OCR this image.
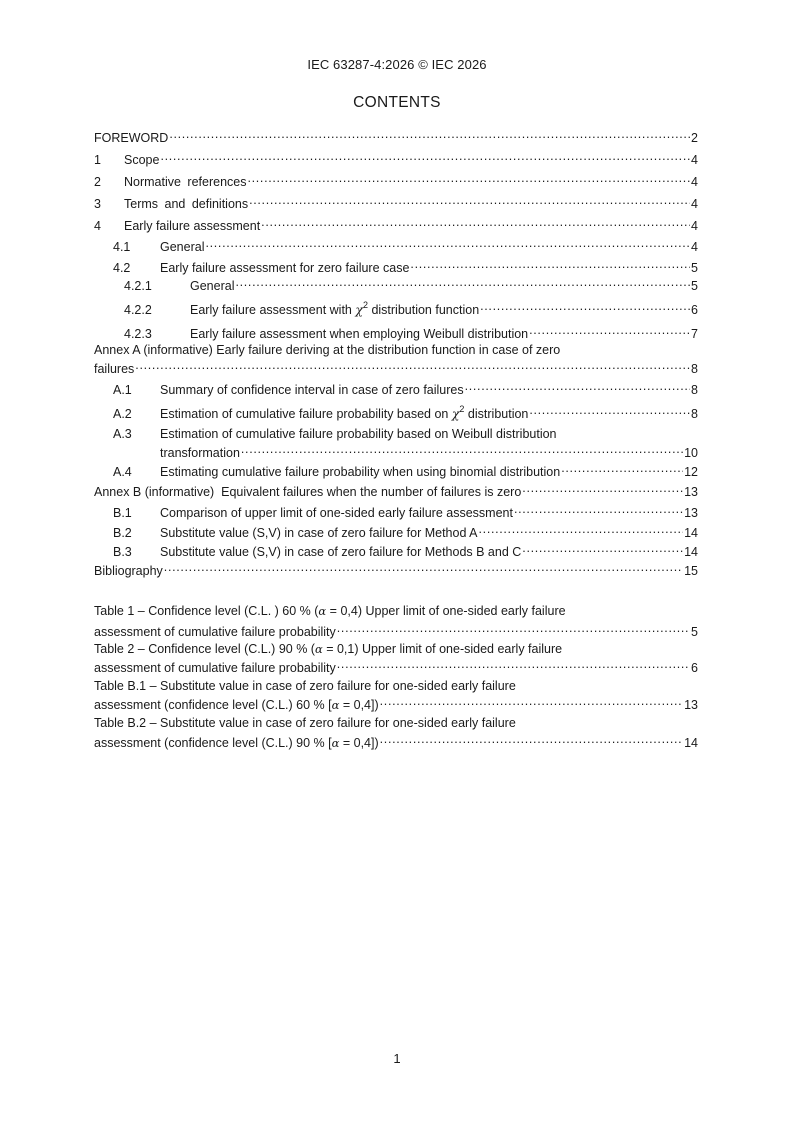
IEC 63287-4:2026 © IEC 2026
CONTENTS
FOREWORD . . .	2
1	Scope . . .	4
2	Normative references . . .	4
3	Terms and definitions . . .	4
4	Early failure assessment . . .	4
4.1	General . . .	4
4.2	Early failure assessment for zero failure case . . .	5
4.2.1	General . . .	5
4.2.2	Early failure assessment with $\chi^2$ distribution function . . .	6
4.2.3	Early failure assessment when employing Weibull distribution . . .	7
Annex A (informative) Early failure deriving at the distribution function in case of zero
failures . . .	8
A.1	Summary of confidence interval in case of zero failures . . .	8
A.2	Estimation of cumulative failure probability based on $\chi^2$ distribution . . .	8
A.3 Estimation of cumulative failure probability based on Weibull distribution
transformation . . .	10
A.4	Estimating cumulative failure probability when using binomial distribution . . .	12
Annex B (informative)  Equivalent failures when the number of failures is zero . . .	13
B.1	Comparison of upper limit of one-sided early failure assessment . . .	13
B.2	Substitute value (S,V) in case of zero failure for Method A . . .	14
B.3	Substitute value (S,V) in case of zero failure for Methods B and C . . .	14
Bibliography . . .	15
Table 1 – Confidence level (C.L. ) 60 % (α = 0,4) Upper limit of one-sided early failure
assessment of cumulative failure probability . . .	5
Table 2 – Confidence level (C.L.) 90 % (α = 0,1) Upper limit of one-sided early failure
assessment of cumulative failure probability . . .	6
Table B.1 – Substitute value in case of zero failure for one-sided early failure
assessment (confidence level (C.L.) 60 % [α = 0,4]) . . .	13
Table B.2 – Substitute value in case of zero failure for one-sided early failure
assessment (confidence level (C.L.) 90 % [α = 0,4]) . . .	14
1
